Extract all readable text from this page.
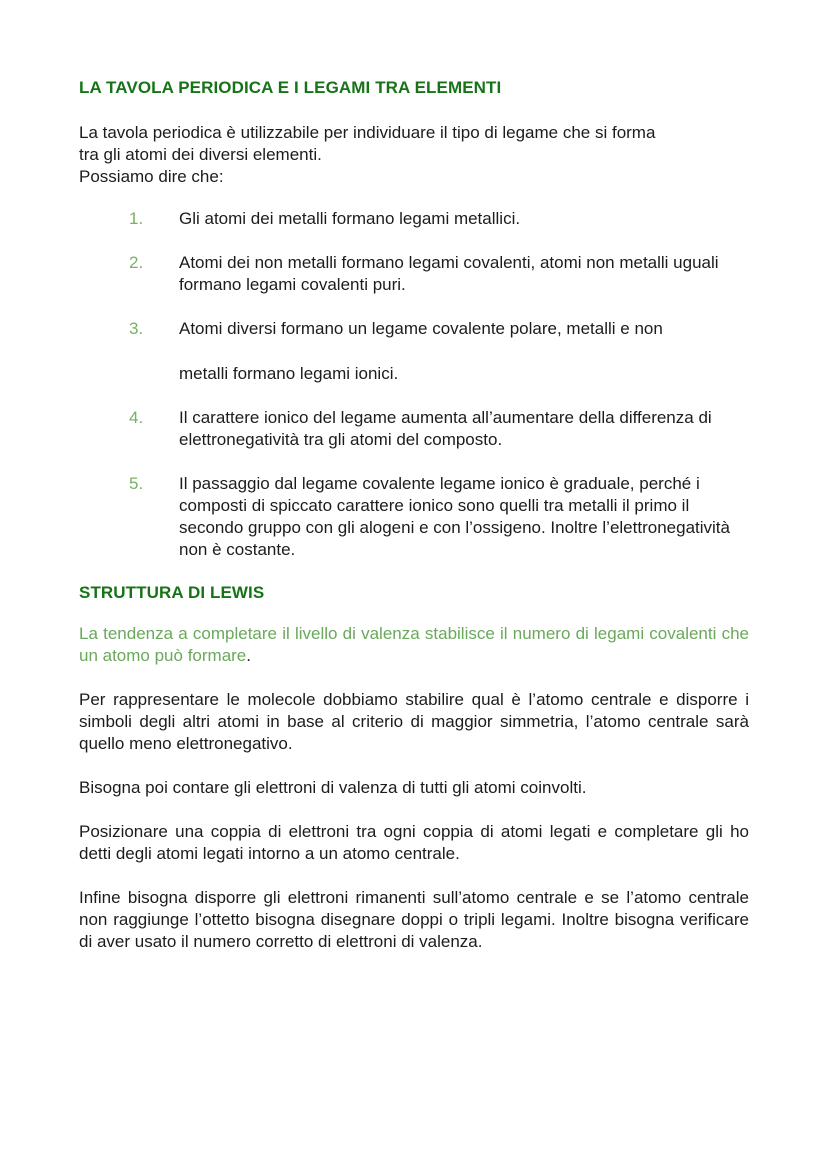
LA TAVOLA PERIODICA E I LEGAMI TRA ELEMENTI

La tavola periodica è utilizzabile per individuare il tipo di legame che si forma
tra gli atomi dei diversi elementi.
Possiamo dire che:

1. Gli atomi dei metalli formano legami metallici.
2. Atomi dei non metalli formano legami covalenti, atomi non metalli uguali formano legami covalenti puri.
3. Atomi diversi formano un legame covalente polare, metalli e non
metalli formano legami ionici.
4. Il carattere ionico del legame aumenta all’aumentare della differenza di elettronegatività tra gli atomi del composto.
5. Il passaggio dal legame covalente legame ionico è graduale, perché i composti di spiccato carattere ionico sono quelli tra metalli il primo il secondo gruppo con gli alogeni e con l’ossigeno. Inoltre l’elettronegatività non è costante.
STRUTTURA DI LEWIS

La tendenza a completare il livello di valenza stabilisce il numero di legami covalenti che un atomo può formare.

Per rappresentare le molecole dobbiamo stabilire qual è l’atomo centrale e disporre i simboli degli altri atomi in base al criterio di maggior simmetria, l’atomo centrale sarà quello meno elettronegativo.

Bisogna poi contare gli elettroni di valenza di tutti gli atomi coinvolti.

Posizionare una coppia di elettroni tra ogni coppia di atomi legati e completare gli ho detti degli atomi legati intorno a un atomo centrale.

Infine bisogna disporre gli elettroni rimanenti sull’atomo centrale e se l’atomo centrale non raggiunge l’ottetto bisogna disegnare doppi o tripli legami. Inoltre bisogna verificare di aver usato il numero corretto di elettroni di valenza.
